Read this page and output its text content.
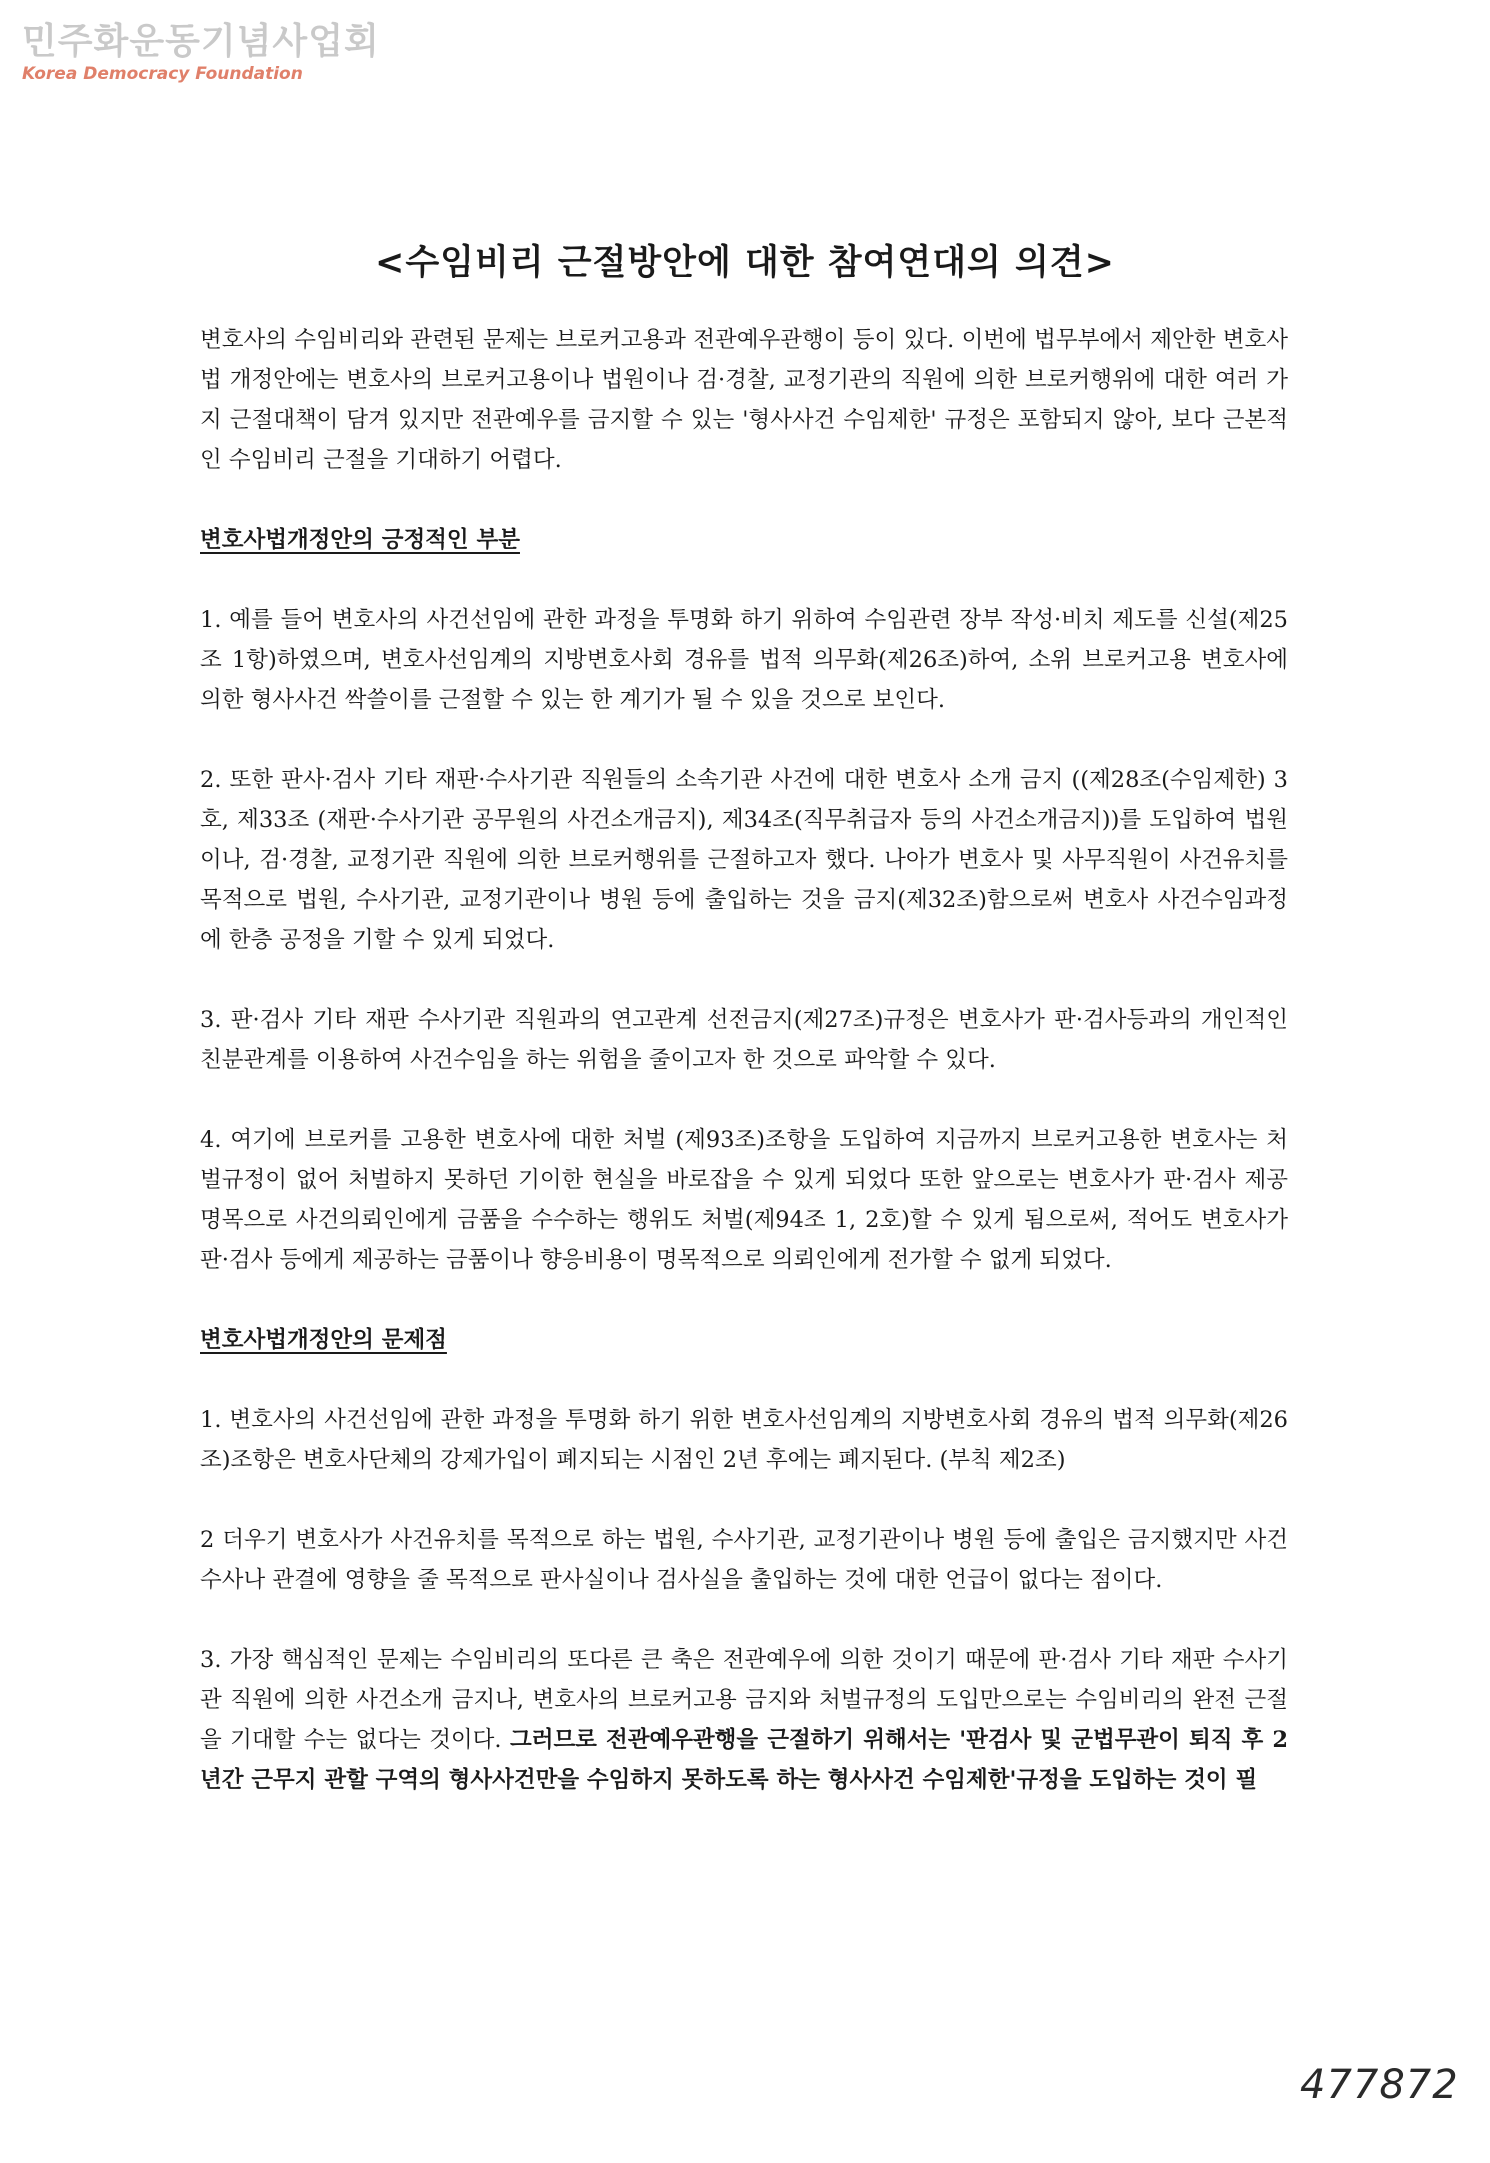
민주화운동기념사업회
Korea Democracy Foundation
<수임비리 근절방안에 대한 참여연대의 의견>

변호사의 수임비리와 관련된 문제는 브로커고용과 전관예우관행이 등이 있다. 이번에 법무부에서 제안한 변호사법 개정안에는 변호사의 브로커고용이나 법원이나 검·경찰, 교정기관의 직원에 의한 브로커행위에 대한 여러 가지 근절대책이 담겨 있지만 전관예우를 금지할 수 있는 '형사사건 수임제한' 규정은 포함되지 않아, 보다 근본적인 수임비리 근절을 기대하기 어렵다.

변호사법개정안의 긍정적인 부분

1. 예를 들어 변호사의 사건선임에 관한 과정을 투명화 하기 위하여 수임관련 장부 작성·비치 제도를 신설(제25조 1항)하였으며, 변호사선임계의 지방변호사회 경유를 법적 의무화(제26조)하여, 소위 브로커고용 변호사에 의한 형사사건 싹쓸이를 근절할 수 있는 한 계기가 될 수 있을 것으로 보인다.

2. 또한 판사·검사 기타 재판·수사기관 직원들의 소속기관 사건에 대한 변호사 소개 금지 ((제28조(수임제한) 3호, 제33조 (재판·수사기관 공무원의 사건소개금지), 제34조(직무취급자 등의 사건소개금지))를 도입하여 법원이나, 검·경찰, 교정기관 직원에 의한 브로커행위를 근절하고자 했다. 나아가 변호사 및 사무직원이 사건유치를 목적으로 법원, 수사기관, 교정기관이나 병원 등에 출입하는 것을 금지(제32조)함으로써 변호사 사건수임과정에 한층 공정을 기할 수 있게 되었다.

3. 판·검사 기타 재판 수사기관 직원과의 연고관계 선전금지(제27조)규정은 변호사가 판·검사등과의 개인적인 친분관계를 이용하여 사건수임을 하는 위험을 줄이고자 한 것으로 파악할 수 있다.

4. 여기에 브로커를 고용한 변호사에 대한 처벌 (제93조)조항을 도입하여 지금까지 브로커고용한 변호사는 처벌규정이 없어 처벌하지 못하던 기이한 현실을 바로잡을 수 있게 되었다 또한 앞으로는 변호사가 판·검사 제공 명목으로 사건의뢰인에게 금품을 수수하는 행위도 처벌(제94조 1, 2호)할 수 있게 됨으로써, 적어도 변호사가 판·검사 등에게 제공하는 금품이나 향응비용이 명목적으로 의뢰인에게 전가할 수 없게 되었다.

변호사법개정안의 문제점

1. 변호사의 사건선임에 관한 과정을 투명화 하기 위한 변호사선임계의 지방변호사회 경유의 법적 의무화(제26조)조항은 변호사단체의 강제가입이 폐지되는 시점인 2년 후에는 폐지된다. (부칙 제2조)

2 더우기 변호사가 사건유치를 목적으로 하는 법원, 수사기관, 교정기관이나 병원 등에 출입은 금지했지만 사건 수사나 관결에 영향을 줄 목적으로 판사실이나 검사실을 출입하는 것에 대한 언급이 없다는 점이다.

3. 가장 핵심적인 문제는 수임비리의 또다른 큰 축은 전관예우에 의한 것이기 때문에 판·검사 기타 재판 수사기관 직원에 의한 사건소개 금지나, 변호사의 브로커고용 금지와 처벌규정의 도입만으로는 수임비리의 완전 근절을 기대할 수는 없다는 것이다. 그러므로 전관예우관행을 근절하기 위해서는 '판검사 및 군법무관이 퇴직 후 2년간 근무지 관할 구역의 형사사건만을 수임하지 못하도록 하는 형사사건 수임제한'규정을 도입하는 것이 필

477872
